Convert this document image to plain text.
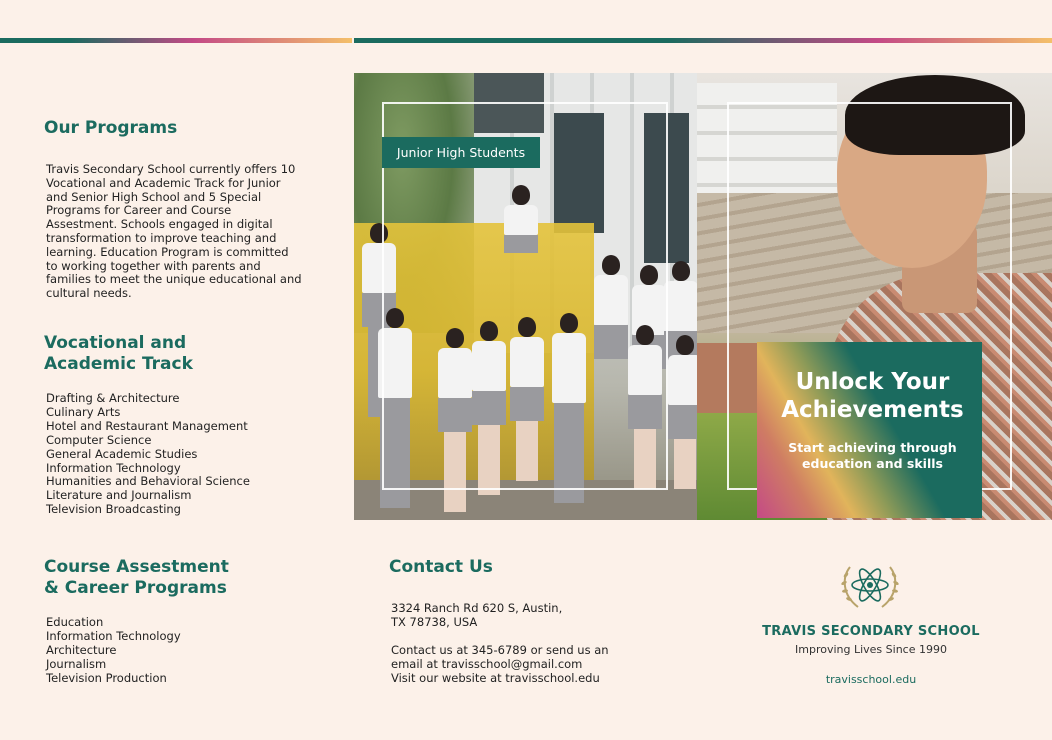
Our Programs
Travis Secondary School currently offers 10
Vocational and Academic Track for Junior
and Senior High School and 5 Special
Programs for Career and Course
Assestment. Schools engaged in digital
transformation to improve teaching and
learning. Education Program is committed
to working together with parents and
families to meet the unique educational and
cultural needs.
Vocational and
Academic Track
Drafting & Architecture
Culinary Arts
Hotel and Restaurant Management
Computer Science
General Academic Studies
Information Technology
Humanities and Behavioral Science
Literature and Journalism
Television Broadcasting
Course Assestment
& Career Programs
Education
Information Technology
Architecture
Journalism
Television Production
Contact Us
3324 Ranch Rd 620 S, Austin,
TX 78738, USA
Contact us at 345-6789 or send us an
email at travisschool@gmail.com
Visit our website at travisschool.edu
Junior High Students
Unlock Your
Achievements
Start achieving through
education and skills
TRAVIS SECONDARY SCHOOL
Improving Lives Since 1990
travisschool.edu
